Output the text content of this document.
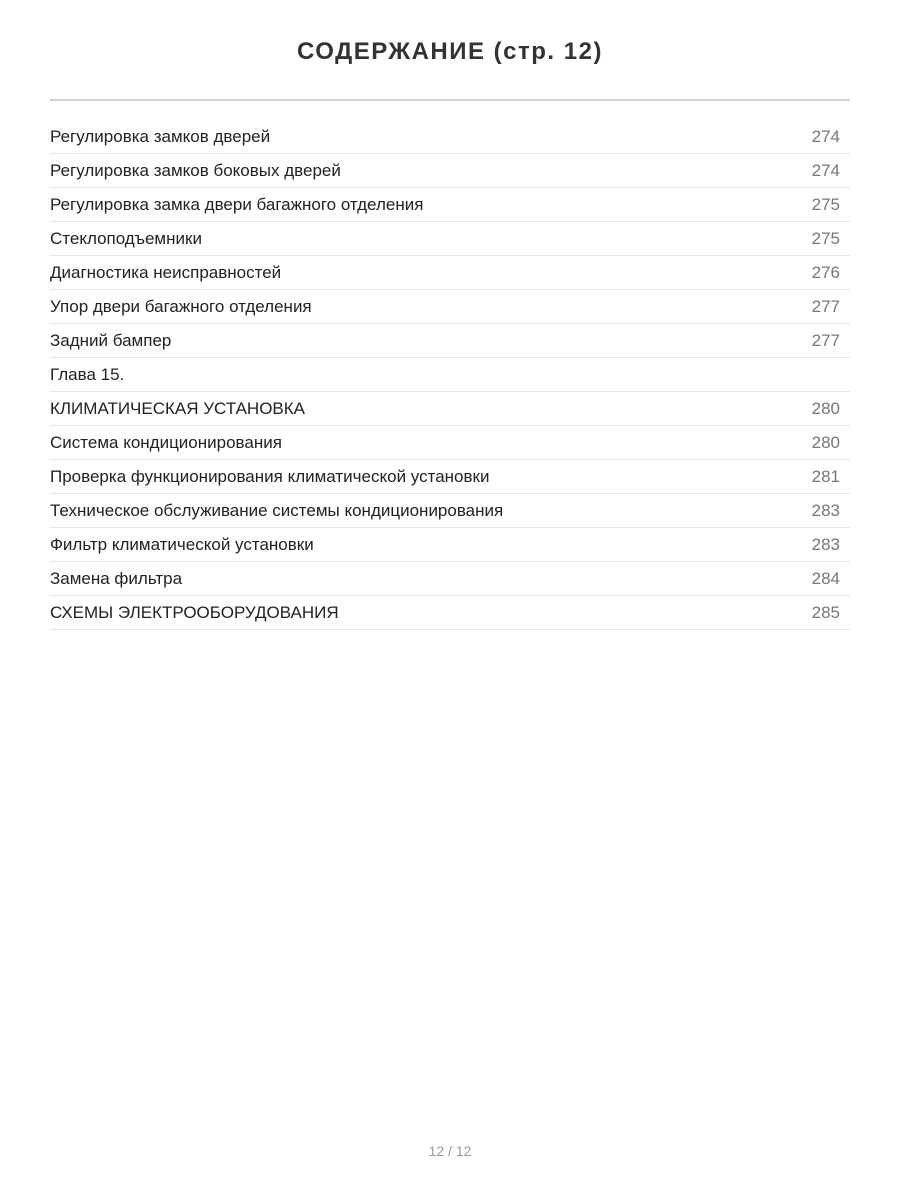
СОДЕРЖАНИЕ (стр. 12)
Регулировка замков дверей	274
Регулировка замков боковых дверей	274
Регулировка замка двери багажного отделения	275
Стеклоподъемники	275
Диагностика неисправностей	276
Упор двери багажного отделения	277
Задний бампер	277
Глава 15.
КЛИМАТИЧЕСКАЯ УСТАНОВКА	280
Система кондиционирования	280
Проверка функционирования климатической установки	281
Техническое обслуживание системы кондиционирования	283
Фильтр климатической установки	283
Замена фильтра	284
СХЕМЫ ЭЛЕКТРООБОРУДОВАНИЯ	285
12 / 12
